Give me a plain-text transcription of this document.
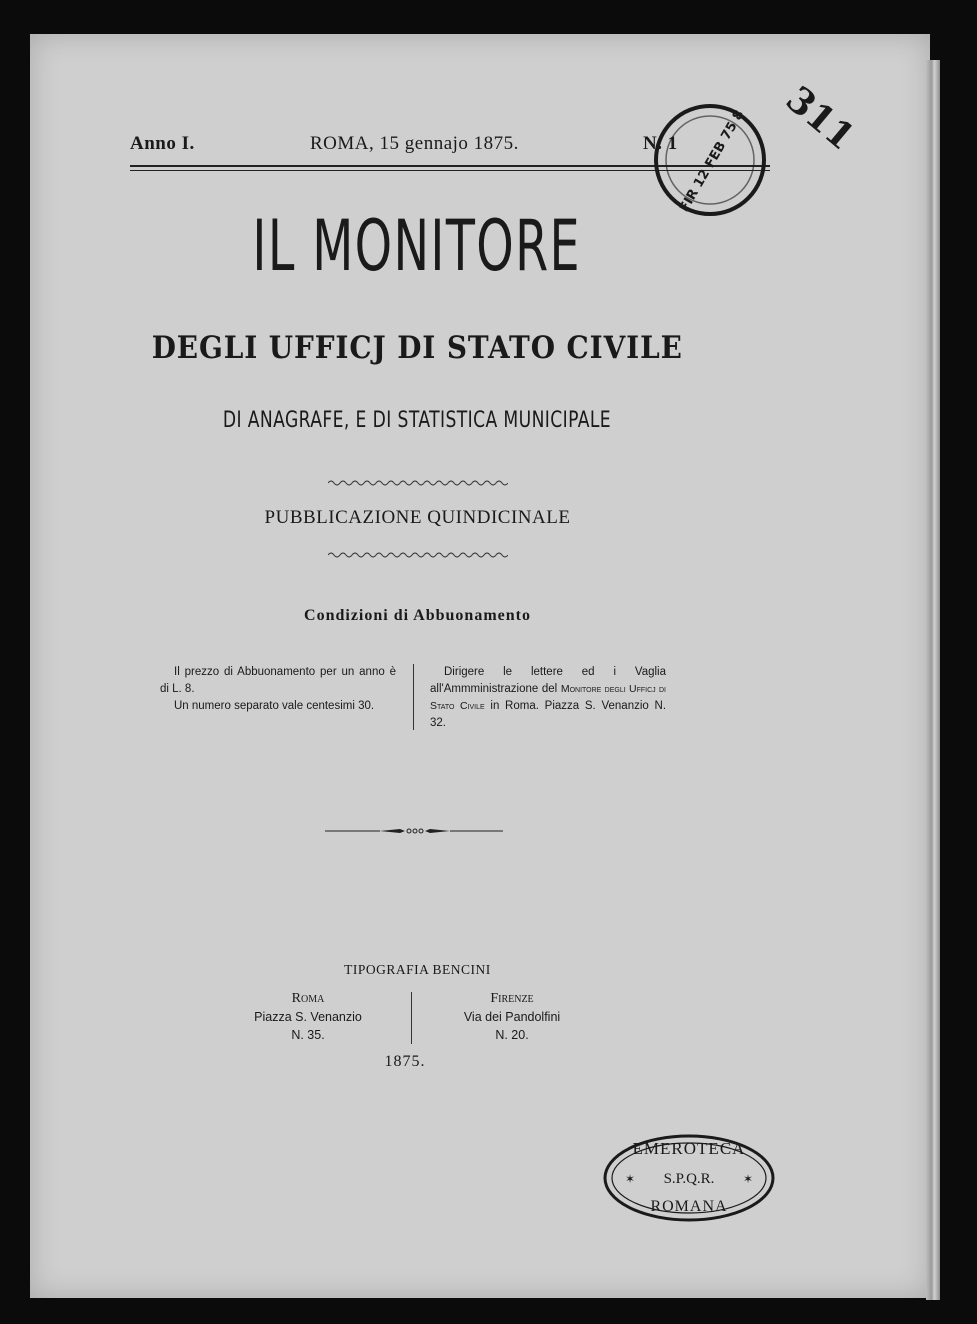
Anno I.	ROMA, 15 gennajo 1875.	N. 1
IL MONITORE
DEGLI UFFICJ DI STATO CIVILE
DI ANAGRAFE, E DI STATISTICA MUNICIPALE
PUBBLICAZIONE QUINDICINALE
Condizioni di Abbuonamento
Il prezzo di Abbuonamento per un anno è di L. 8.
Un numero separato vale centesimi 30.
Dirigere le lettere ed i Vaglia all'Ammministrazione del Monitore degli Ufficj di Stato Civile in Roma. Piazza S. Venanzio N. 32.
TIPOGRAFIA BENCINI
Roma
Piazza S. Venanzio
N. 35.
Firenze
Via dei Pandolfini
N. 20.
1875.
311
FIR 12 FEB 75 8
EMEROTECA
S.P.Q.R.
ROMANA
✶	✶
